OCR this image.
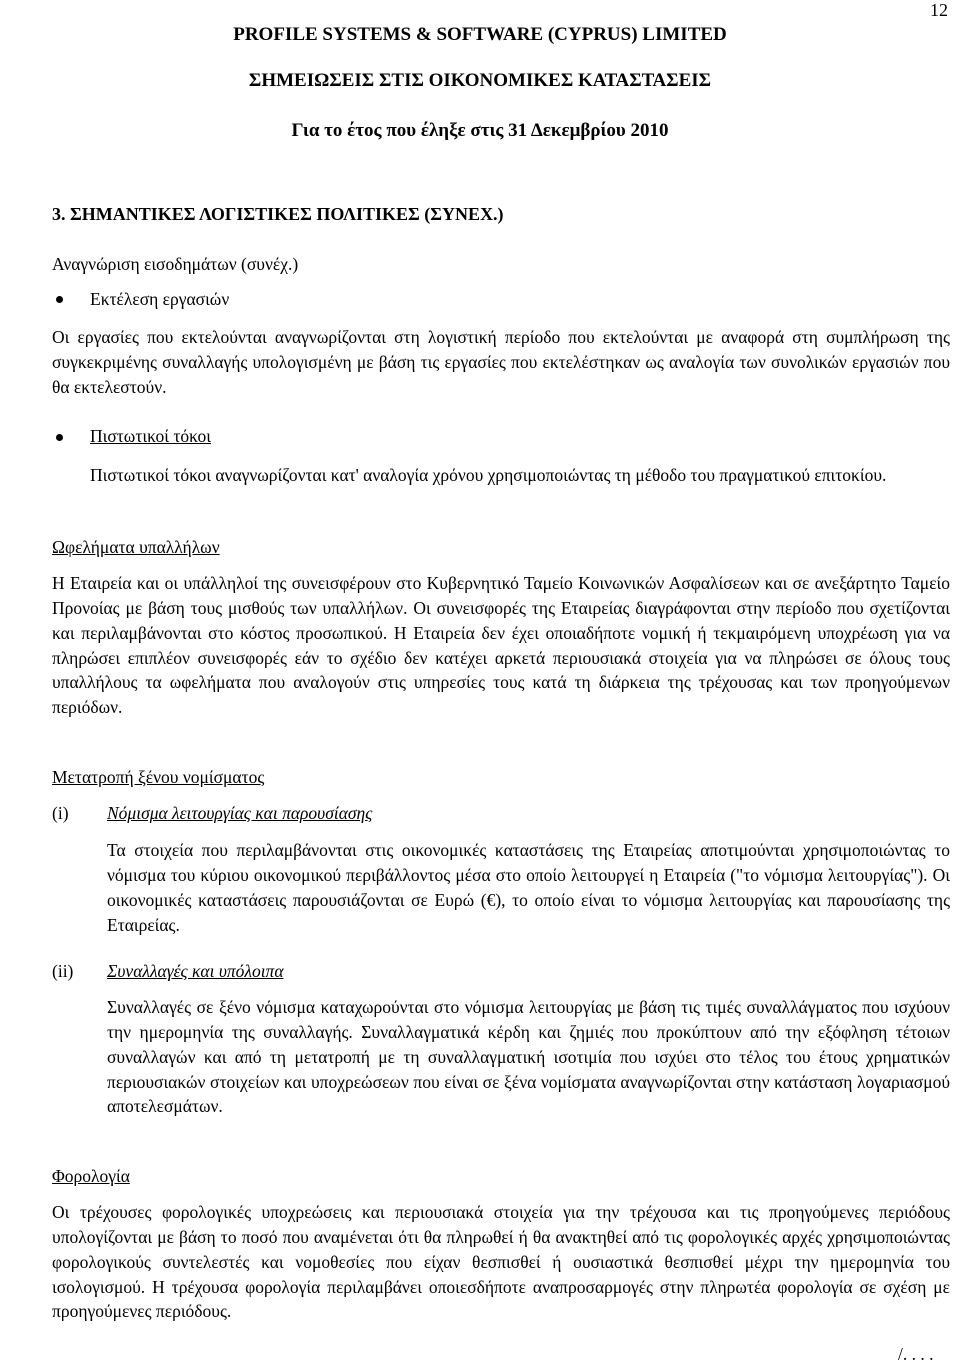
12
PROFILE SYSTEMS & SOFTWARE (CYPRUS) LIMITED
ΣΗΜΕΙΩΣΕΙΣ ΣΤΙΣ ΟΙΚΟΝΟΜΙΚΕΣ ΚΑΤΑΣΤΑΣΕΙΣ
Για το έτος που έληξε στις 31 Δεκεμβρίου 2010
3. ΣΗΜΑΝΤΙΚΕΣ ΛΟΓΙΣΤΙΚΕΣ ΠΟΛΙΤΙΚΕΣ (ΣΥΝΕΧ.)
Αναγνώριση εισοδημάτων (συνέχ.)
Εκτέλεση εργασιών
Οι εργασίες που εκτελούνται αναγνωρίζονται στη λογιστική περίοδο που εκτελούνται με αναφορά στη συμπλήρωση της συγκεκριμένης συναλλαγής υπολογισμένη με βάση τις εργασίες που εκτελέστηκαν ως αναλογία των συνολικών εργασιών που θα εκτελεστούν.
Πιστωτικοί τόκοι
Πιστωτικοί τόκοι αναγνωρίζονται κατ' αναλογία χρόνου χρησιμοποιώντας τη μέθοδο του πραγματικού επιτοκίου.
Ωφελήματα υπαλλήλων
Η Εταιρεία και οι υπάλληλοί της συνεισφέρουν στο Κυβερνητικό Ταμείο Κοινωνικών Ασφαλίσεων και σε ανεξάρτητο Ταμείο Προνοίας με βάση τους μισθούς των υπαλλήλων. Οι συνεισφορές της Εταιρείας διαγράφονται στην περίοδο που σχετίζονται και περιλαμβάνονται στο κόστος προσωπικού. Η Εταιρεία δεν έχει οποιαδήποτε νομική ή τεκμαιρόμενη υποχρέωση για να πληρώσει επιπλέον συνεισφορές εάν το σχέδιο δεν κατέχει αρκετά περιουσιακά στοιχεία για να πληρώσει σε όλους τους υπαλλήλους τα ωφελήματα που αναλογούν στις υπηρεσίες τους κατά τη διάρκεια της τρέχουσας και των προηγούμενων περιόδων.
Μετατροπή ξένου νομίσματος
(i) Νόμισμα λειτουργίας και παρουσίασης
Τα στοιχεία που περιλαμβάνονται στις οικονομικές καταστάσεις της Εταιρείας αποτιμούνται χρησιμοποιώντας το νόμισμα του κύριου οικονομικού περιβάλλοντος μέσα στο οποίο λειτουργεί η Εταιρεία ("το νόμισμα λειτουργίας"). Οι οικονομικές καταστάσεις παρουσιάζονται σε Ευρώ (€), το οποίο είναι το νόμισμα λειτουργίας και παρουσίασης της Εταιρείας.
(ii) Συναλλαγές και υπόλοιπα
Συναλλαγές σε ξένο νόμισμα καταχωρούνται στο νόμισμα λειτουργίας με βάση τις τιμές συναλλάγματος που ισχύουν την ημερομηνία της συναλλαγής. Συναλλαγματικά κέρδη και ζημιές που προκύπτουν από την εξόφληση τέτοιων συναλλαγών και από τη μετατροπή με τη συναλλαγματική ισοτιμία που ισχύει στο τέλος του έτους χρηματικών περιουσιακών στοιχείων και υποχρεώσεων που είναι σε ξένα νομίσματα αναγνωρίζονται στην κατάσταση λογαριασμού αποτελεσμάτων.
Φορολογία
Οι τρέχουσες φορολογικές υποχρεώσεις και περιουσιακά στοιχεία για την τρέχουσα και τις προηγούμενες περιόδους υπολογίζονται με βάση το ποσό που αναμένεται ότι θα πληρωθεί ή θα ανακτηθεί από τις φορολογικές αρχές χρησιμοποιώντας φορολογικούς συντελεστές και νομοθεσίες που είχαν θεσπισθεί ή ουσιαστικά θεσπισθεί μέχρι την ημερομηνία του ισολογισμού. Η τρέχουσα φορολογία περιλαμβάνει οποιεσδήποτε αναπροσαρμογές στην πληρωτέα φορολογία σε σχέση με προηγούμενες περιόδους.
/. . . .
